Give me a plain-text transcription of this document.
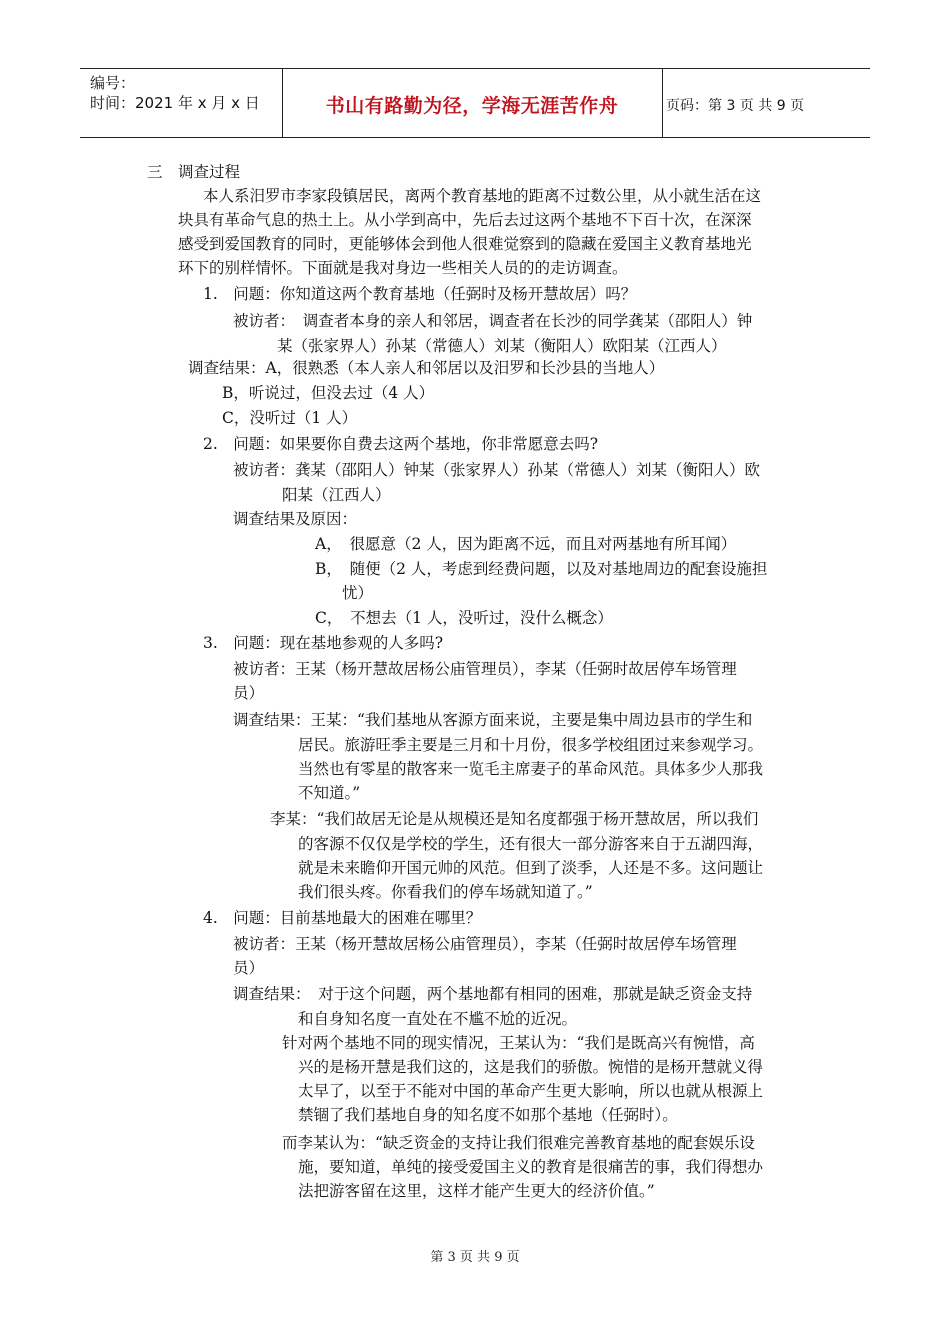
编号：
时间：2021 年 x 月 x 日	书山有路勤为径，学海无涯苦作舟	页码：第 3 页 共 9 页
三　调查过程
本人系汨罗市李家段镇居民，离两个教育基地的距离不过数公里，从小就生活在这
块具有革命气息的热土上。从小学到高中，先后去过这两个基地不下百十次，在深深
感受到爱国教育的同时，更能够体会到他人很难觉察到的隐藏在爱国主义教育基地光
环下的别样情怀。下面就是我对身边一些相关人员的的走访调查。
1.　问题：你知道这两个教育基地（任弼时及杨开慧故居）吗？
被访者：　调查者本身的亲人和邻居，调查者在长沙的同学龚某（邵阳人）钟
某（张家界人）孙某（常德人）刘某（衡阳人）欧阳某（江西人）
调查结果：A，很熟悉（本人亲人和邻居以及汨罗和长沙县的当地人）
B，听说过，但没去过（4 人）
C，没听过（1 人）
2.　问题：如果要你自费去这两个基地，你非常愿意去吗?
被访者：龚某（邵阳人）钟某（张家界人）孙某（常德人）刘某（衡阳人）欧
阳某（江西人）
调查结果及原因：
A，　很愿意（2 人，因为距离不远，而且对两基地有所耳闻）
B，　随便（2 人，考虑到经费问题，以及对基地周边的配套设施担
忧）
C，　不想去（1 人，没听过，没什么概念）
3.　问题：现在基地参观的人多吗?
被访者：王某（杨开慧故居杨公庙管理员），李某（任弼时故居停车场管理
员）
调查结果：王某：“我们基地从客源方面来说，主要是集中周边县市的学生和
居民。旅游旺季主要是三月和十月份，很多学校组团过来参观学习。
当然也有零星的散客来一览毛主席妻子的革命风范。具体多少人那我
不知道。”
李某：“我们故居无论是从规模还是知名度都强于杨开慧故居，所以我们
的客源不仅仅是学校的学生，还有很大一部分游客来自于五湖四海，
就是未来瞻仰开国元帅的风范。但到了淡季，人还是不多。这问题让
我们很头疼。你看我们的停车场就知道了。”
4.　问题：目前基地最大的困难在哪里？
被访者：王某（杨开慧故居杨公庙管理员），李某（任弼时故居停车场管理
员）
调查结果：　对于这个问题，两个基地都有相同的困难，那就是缺乏资金支持
和自身知名度一直处在不尴不尬的近况。
针对两个基地不同的现实情况，王某认为：“我们是既高兴有惋惜，高
兴的是杨开慧是我们这的，这是我们的骄傲。惋惜的是杨开慧就义得
太早了，以至于不能对中国的革命产生更大影响，所以也就从根源上
禁锢了我们基地自身的知名度不如那个基地（任弼时）。
而李某认为：“缺乏资金的支持让我们很难完善教育基地的配套娱乐设
施，要知道，单纯的接受爱国主义的教育是很痛苦的事，我们得想办
法把游客留在这里，这样才能产生更大的经济价值。”
第 3 页 共 9 页
